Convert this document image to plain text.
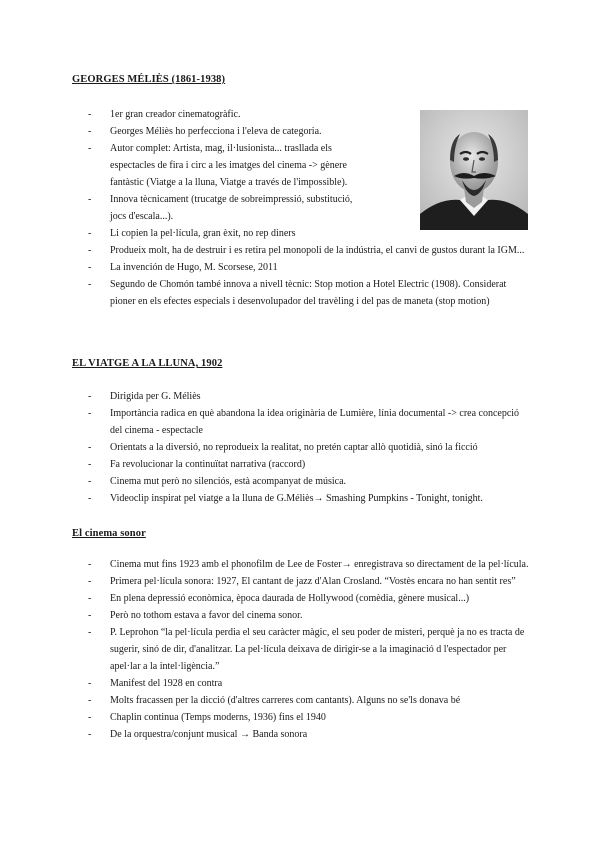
GEORGES MÉLIÈS (1861-1938)
- 1er gran creador cinematogràfic.
- Georges Méliès ho perfecciona i l'eleva de categoria.
- Autor complet: Artista, mag, il·lusionista... trasllada els espectacles de fira i circ a les imatges del cinema -> gènere fantàstic (Viatge a la lluna, Viatge a través de l'impossible).
- Innova tècnicament (trucatge de sobreimpressió, substitució, jocs d'escala...).
- Li copien la pel·lícula, gran èxit, no rep diners
- Produeix molt, ha de destruir i es retira pel monopoli de la indústria, el canvi de gustos durant la IGM...
- La invención de Hugo, M. Scorsese, 2011
- Segundo de Chomón també innova a nivell tècnic: Stop motion a Hotel Electric (1908). Considerat pioner en els efectes especials i desenvolupador del travèling i del pas de maneta (stop motion)
EL VIATGE A LA LLUNA, 1902
- Dirigida per G. Méliès
- Importància radica en què abandona la idea originària de Lumière, línia documental -> crea concepció del cinema - espectacle
- Orientats a la diversió, no reprodueix la realitat, no pretén captar allò quotidià, sinó la ficció
- Fa revolucionar la continuïtat narrativa (raccord)
- Cinema mut però no silenciós, està acompanyat de música.
- Videoclip inspirat pel viatge a la lluna de G.Méliès→ Smashing Pumpkins - Tonight, tonight.
El cinema sonor
- Cinema mut fins 1923 amb el phonofilm de Lee de Foster→ enregistrava so directament de la pel·lícula.
- Primera pel·lícula sonora: 1927, El cantant de jazz d'Alan Crosland. “Vostès encara no han sentit res”
- En plena depressió econòmica, època daurada de Hollywood (comèdia, gènere musical...)
- Però no tothom estava a favor del cinema sonor.
- P. Leprohon “la pel·lícula perdia el seu caràcter màgic, el seu poder de misteri, perquè ja no es tracta de sugerir, sinó de dir, d'analitzar. La pel·lícula deixava de dirigir-se a la imaginació d l'espectador per apel·lar a la intel·ligència.”
- Manifest del 1928 en contra
- Molts fracassen per la dicció (d'altres carreres com cantants). Alguns no se'ls donava bé
- Chaplin continua (Temps moderns, 1936) fins el 1940
- De la orquestra/conjunt musical → Banda sonora
